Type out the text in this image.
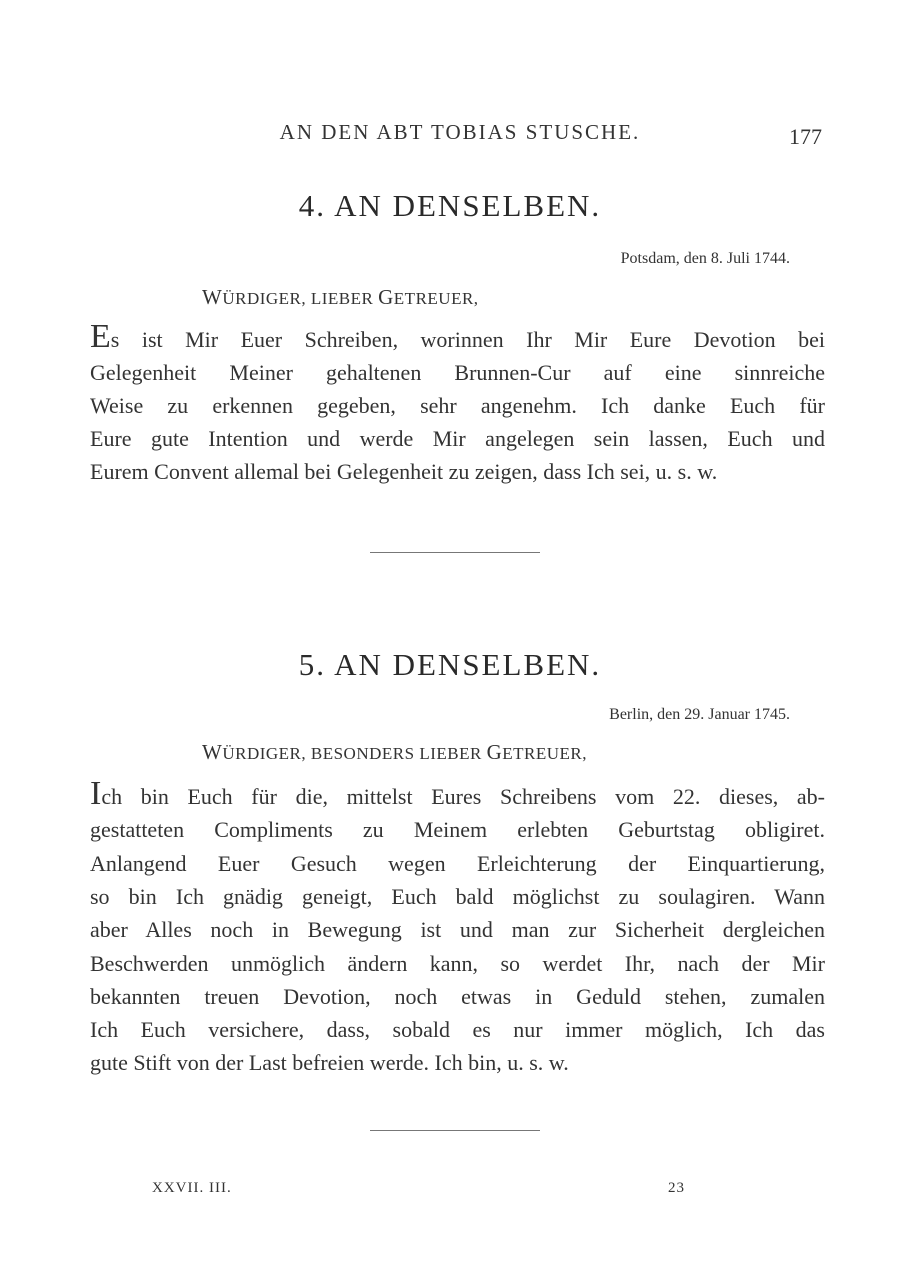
AN DEN ABT TOBIAS STUSCHE.	177
4. AN DENSELBEN.
Potsdam, den 8. Juli 1744.
WÜRDIGER, LIEBER GETREUER,
Es ist Mir Euer Schreiben, worinnen Ihr Mir Eure Devotion bei
Gelegenheit Meiner gehaltenen Brunnen-Cur auf eine sinnreiche
Weise zu erkennen gegeben, sehr angenehm. Ich danke Euch für
Eure gute Intention und werde Mir angelegen sein lassen, Euch und
Eurem Convent allemal bei Gelegenheit zu zeigen, dass Ich sei, u. s. w.
5. AN DENSELBEN.
Berlin, den 29. Januar 1745.
WÜRDIGER, BESONDERS LIEBER GETREUER,
Ich bin Euch für die, mittelst Eures Schreibens vom 22. dieses, ab-
gestatteten Compliments zu Meinem erlebten Geburtstag obligiret.
Anlangend Euer Gesuch wegen Erleichterung der Einquartierung,
so bin Ich gnädig geneigt, Euch bald möglichst zu soulagiren. Wann
aber Alles noch in Bewegung ist und man zur Sicherheit dergleichen
Beschwerden unmöglich ändern kann, so werdet Ihr, nach der Mir
bekannten treuen Devotion, noch etwas in Geduld stehen, zumalen
Ich Euch versichere, dass, sobald es nur immer möglich, Ich das
gute Stift von der Last befreien werde. Ich bin, u. s. w.
XXVII. III.	23
